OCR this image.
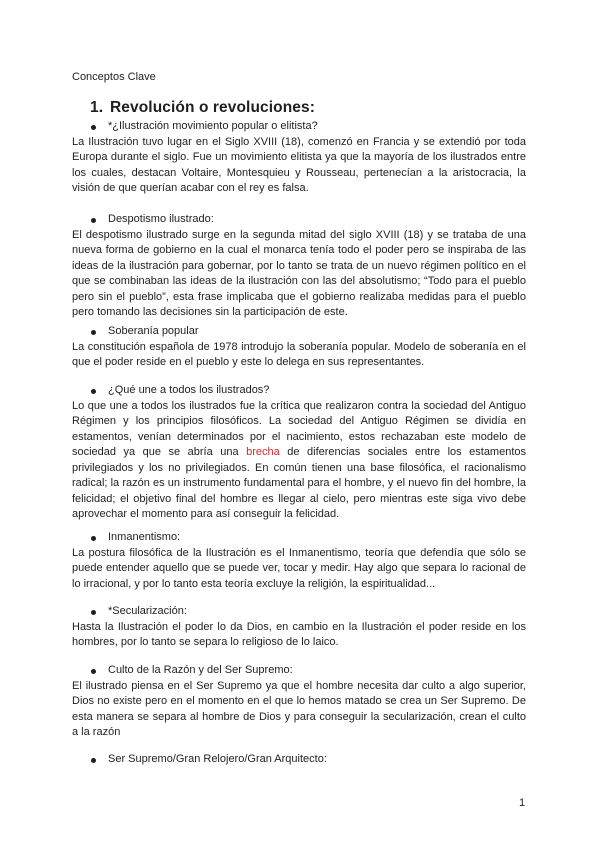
Conceptos Clave
1. Revolución o revoluciones:
*¿Ilustración movimiento popular o elitista?

La Ilustración tuvo lugar en el Siglo XVIII (18), comenzó en Francia y se extendió por toda Europa durante el siglo. Fue un movimiento elitista ya que la mayoría de los ilustrados entre los cuales, destacan Voltaire, Montesquieu y Rousseau, pertenecían a la aristocracia, la visión de que querían acabar con el rey es falsa.

Despotismo ilustrado:

El despotismo ilustrado surge en la segunda mitad del siglo XVIII (18) y se trataba de una nueva forma de gobierno en la cual el monarca tenía todo el poder pero se inspiraba de las ideas de la ilustración para gobernar, por lo tanto se trata de un nuevo régimen político en el que se combinaban las ideas de la ilustración con las del absolutismo; “Todo para el pueblo pero sin el pueblo”, esta frase implicaba que el gobierno realizaba medidas para el pueblo pero tomando las decisiones sin la participación de este.

Soberanía popular

La constitución española de 1978 introdujo la soberanía popular. Modelo de soberanía en el que el poder reside en el pueblo y este lo delega en sus representantes.

¿Qué une a todos los ilustrados?

Lo que une a todos los ilustrados fue la crítica que realizaron contra la sociedad del Antiguo Régimen y los principios filosóficos. La sociedad del Antiguo Régimen se dividía en estamentos, venían determinados por el nacimiento, estos rechazaban este modelo de sociedad ya que se abría una brecha de diferencias sociales entre los estamentos privilegiados y los no privilegiados. En común tienen una base filosófica, el racionalismo radical; la razón es un instrumento fundamental para el hombre, y el nuevo fin del hombre, la felicidad; el objetivo final del hombre es llegar al cielo, pero mientras este siga vivo debe aprovechar el momento para así conseguir la felicidad.

Inmanentismo:

La postura filosófica de la Ilustración es el Inmanentismo, teoría que defendía que sólo se puede entender aquello que se puede ver, tocar y medir. Hay algo que separa lo racional de lo irracional, y por lo tanto esta teoría excluye la religión, la espiritualidad...

*Secularización:

Hasta la Ilustración el poder lo da Dios, en cambio en la Ilustración el poder reside en los hombres, por lo tanto se separa lo religioso de lo laico.

Culto de la Razón y del Ser Supremo:

El ilustrado piensa en el Ser Supremo ya que el hombre necesita dar culto a algo superior, Dios no existe pero en el momento en el que lo hemos matado se crea un Ser Supremo. De esta manera se separa al hombre de Dios y para conseguir la secularización, crean el culto a la razón

Ser Supremo/Gran Relojero/Gran Arquitecto:
1
